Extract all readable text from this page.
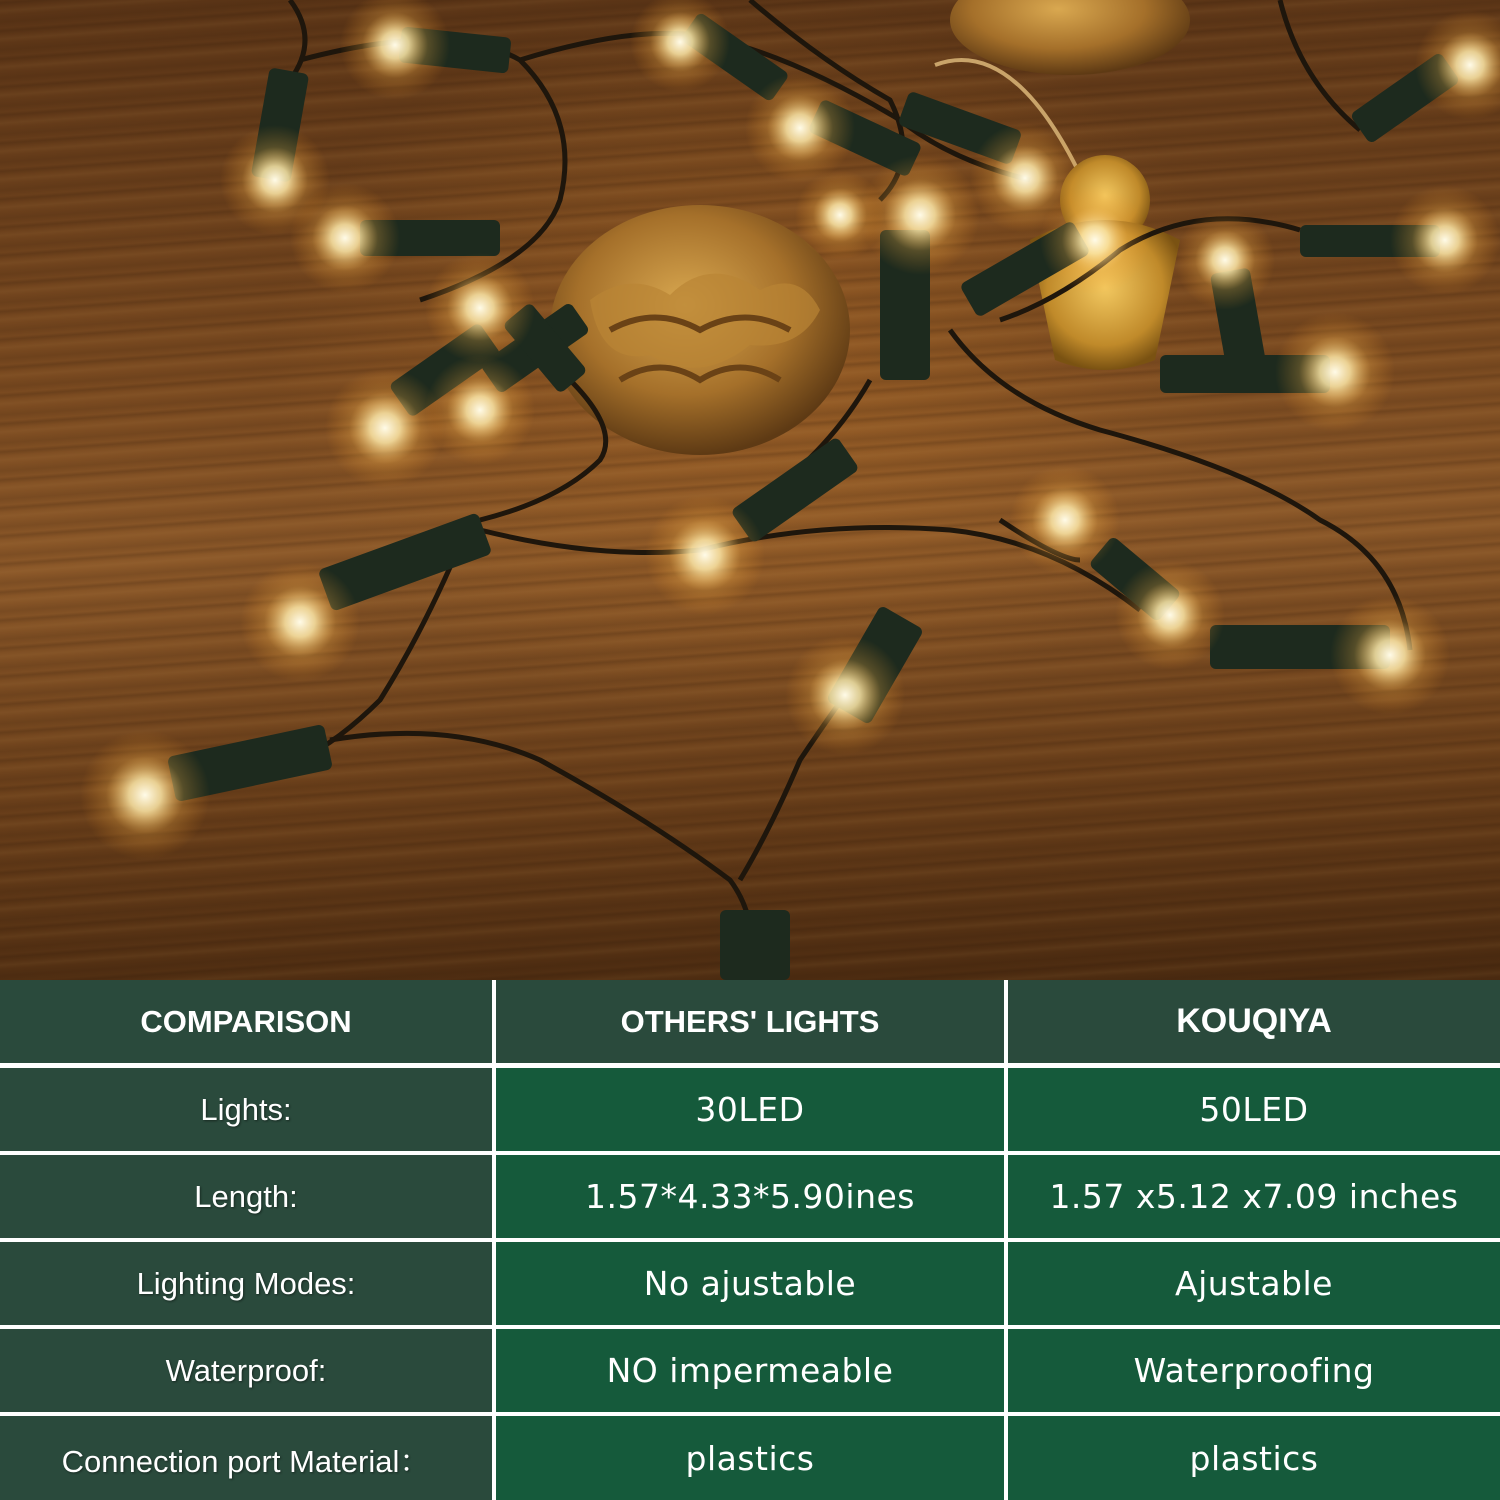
COMPARISON	OTHERS' LIGHTS	KOUQIYA
Lights:	30LED	50LED
Length:	1.57*4.33*5.90ines	1.57 x5.12 x7.09 inches
Lighting Modes:	No ajustable	Ajustable
Waterproof:	NO impermeable	Waterproofing
Connection port Material：	plastics	plastics
